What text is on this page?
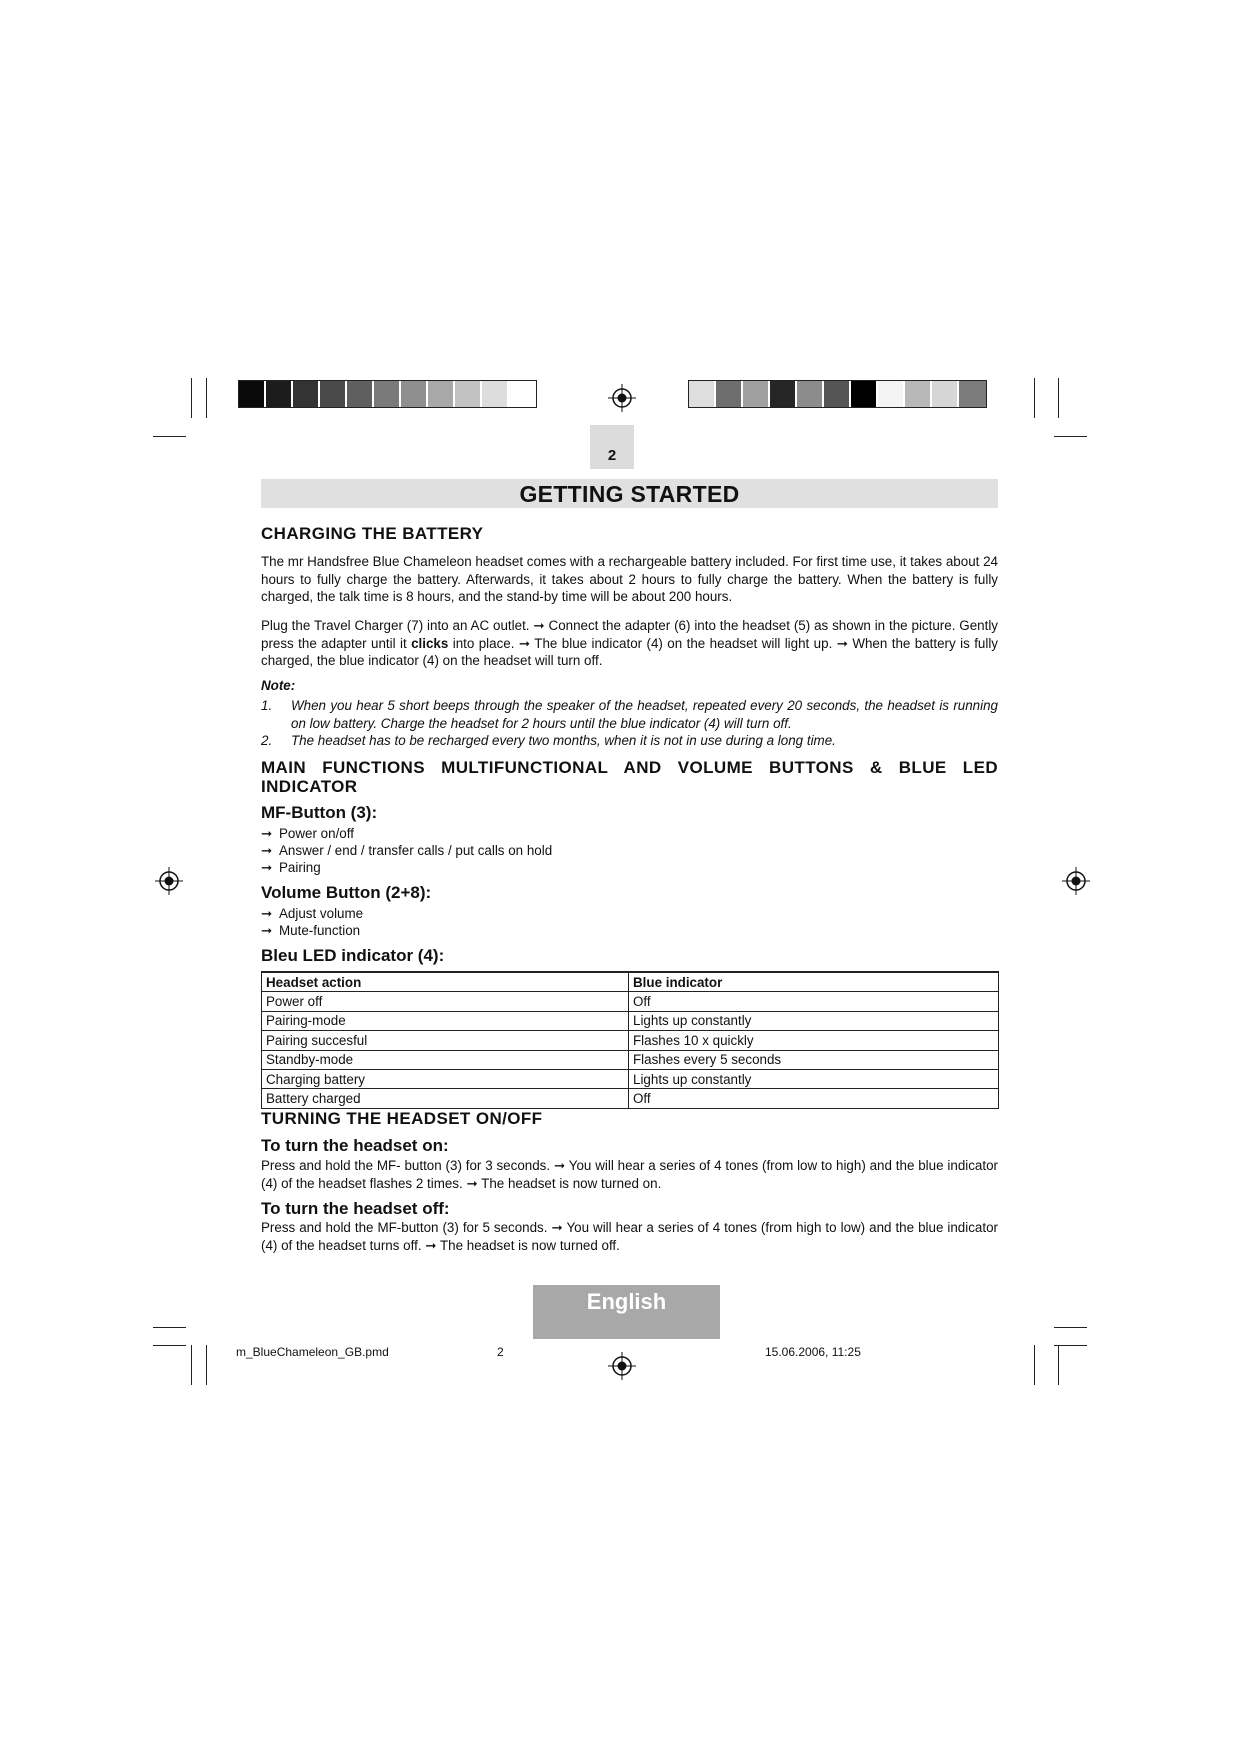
2
GETTING STARTED
CHARGING THE BATTERY
The mr Handsfree Blue Chameleon headset comes with a rechargeable battery included. For first time use, it takes about 24 hours to fully charge the battery. Afterwards, it takes about 2 hours to fully charge the battery. When the battery is fully charged, the talk time is 8 hours, and the stand-by time will be about 200 hours.
Plug the Travel Charger (7) into an AC outlet. ➞ Connect the adapter (6) into the headset (5) as shown in the picture. Gently press the adapter until it clicks into place. ➞ The blue indicator (4) on the headset will light up. ➞ When the battery is fully charged, the blue indicator (4) on the headset will turn off.
Note:
1. When you hear 5 short beeps through the speaker of the headset, repeated every 20 seconds, the headset is running on low battery. Charge the headset for 2 hours until the blue indicator (4) will turn off.
2. The headset has to be recharged every two months, when it is not in use during a long time.
MAIN FUNCTIONS MULTIFUNCTIONAL AND VOLUME BUTTONS & BLUE LED INDICATOR
MF-Button (3):
➞ Power on/off
➞ Answer / end / transfer calls / put calls on hold
➞ Pairing
Volume Button (2+8):
➞ Adjust volume
➞ Mute-function
Bleu LED indicator (4):
Headset action	Blue indicator
Power off	Off
Pairing-mode	Lights up constantly
Pairing succesful	Flashes 10 x quickly
Standby-mode	Flashes every 5 seconds
Charging battery	Lights up constantly
Battery charged	Off
TURNING THE HEADSET ON/OFF
To turn the headset on:
Press and hold the MF- button (3) for 3 seconds. ➞ You will hear a series of 4 tones (from low to high) and the blue indicator (4) of the headset flashes 2 times. ➞ The headset is now turned on.
To turn the headset off:
Press and hold the MF-button (3) for 5 seconds. ➞ You will hear a series of 4 tones (from high to low) and the blue indicator (4) of the headset turns off. ➞ The headset is now turned off.
English
m_BlueChameleon_GB.pmd	2	15.06.2006, 11:25
